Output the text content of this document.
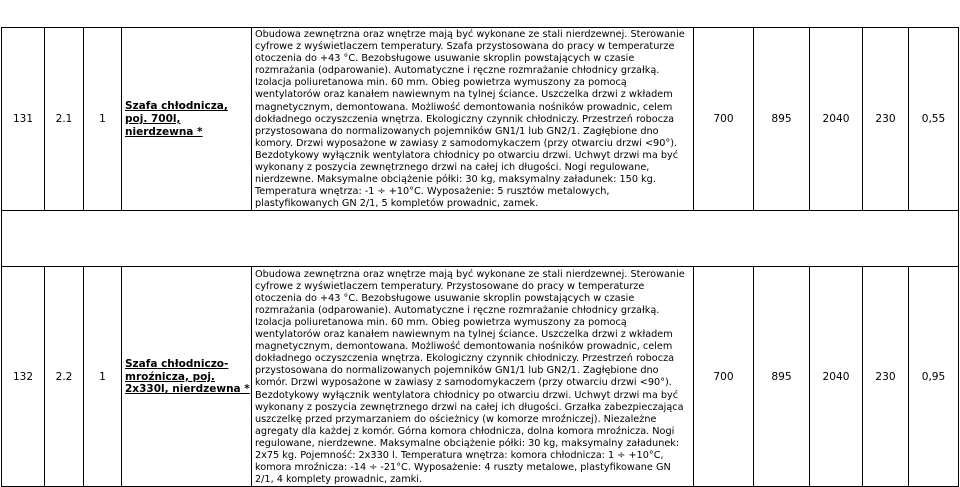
131	2.1	1	Szafa chłodnicza, poj. 700l, nierdzewna *	Obudowa zewnętrzna oraz wnętrze mają być wykonane ze stali nierdzewnej. Sterowanie cyfrowe z wyświetlaczem temperatury. Szafa przystosowana do pracy w temperaturze otoczenia do +43 °C. Bezobsługowe usuwanie skroplin powstających w czasie rozmrażania (odparowanie). Automatyczne i ręczne rozmrażanie chłodnicy grzałką. Izolacja poliuretanowa min. 60 mm. Obieg powietrza wymuszony za pomocą wentylatorów oraz kanałem nawiewnym na tylnej ściance. Uszczelka drzwi z wkładem magnetycznym, demontowana. Możliwość demontowania nośników prowadnic, celem dokładnego oczyszczenia wnętrza. Ekologiczny czynnik chłodniczy. Przestrzeń robocza przystosowana do normalizowanych pojemników GN1/1 lub GN2/1. Zagłębione dno komory. Drzwi wyposażone w zawiasy z samodomykaczem (przy otwarciu drzwi <90°). Bezdotykowy wyłącznik wentylatora chłodnicy po otwarciu drzwi. Uchwyt drzwi ma być wykonany z poszycia zewnętrznego drzwi na całej ich długości. Nogi regulowane, nierdzewne. Maksymalne obciążenie półki: 30 kg, maksymalny załadunek: 150 kg. Temperatura wnętrza: -1 ÷ +10°C. Wyposażenie: 5 rusztów metalowych, plastyfikowanych GN 2/1, 5 kompletów prowadnic, zamek.	700	895	2040	230	0,55

132	2.2	1	Szafa chłodniczo-mroźnicza, poj. 2x330l, nierdzewna *	Obudowa zewnętrzna oraz wnętrze mają być wykonane ze stali nierdzewnej. Sterowanie cyfrowe z wyświetlaczem temperatury. Przystosowane do pracy w temperaturze otoczenia do +43 °C. Bezobsługowe usuwanie skroplin powstających w czasie rozmrażania (odparowanie). Automatyczne i ręczne rozmrażanie chłodnicy grzałką. Izolacja poliuretanowa min. 60 mm. Obieg powietrza wymuszony za pomocą wentylatorów oraz kanałem nawiewnym na tylnej ściance. Uszczelka drzwi z wkładem magnetycznym, demontowana. Możliwość demontowania nośników prowadnic, celem dokładnego oczyszczenia wnętrza. Ekologiczny czynnik chłodniczy. Przestrzeń robocza przystosowana do normalizowanych pojemników GN1/1 lub GN2/1. Zagłębione dno komór. Drzwi wyposażone w zawiasy z samodomykaczem (przy otwarciu drzwi <90°). Bezdotykowy wyłącznik wentylatora chłodnicy po otwarciu drzwi. Uchwyt drzwi ma być wykonany z poszycia zewnętrznego drzwi na całej ich długości. Grzałka zabezpieczająca uszczelkę przed przymarzaniem do ościeżnicy (w komorze mroźniczej). Niezależne agregaty dla każdej z komór. Górna komora chłodnicza, dolna komora mroźnicza. Nogi regulowane, nierdzewne. Maksymalne obciążenie półki: 30 kg, maksymalny załadunek: 2x75 kg. Pojemność: 2x330 l. Temperatura wnętrza: komora chłodnicza: 1 ÷ +10°C, komora mroźnicza: -14 ÷ -21°C. Wyposażenie: 4 ruszty metalowe, plastyfikowane GN 2/1, 4 komplety prowadnic, zamki.	700	895	2040	230	0,95
